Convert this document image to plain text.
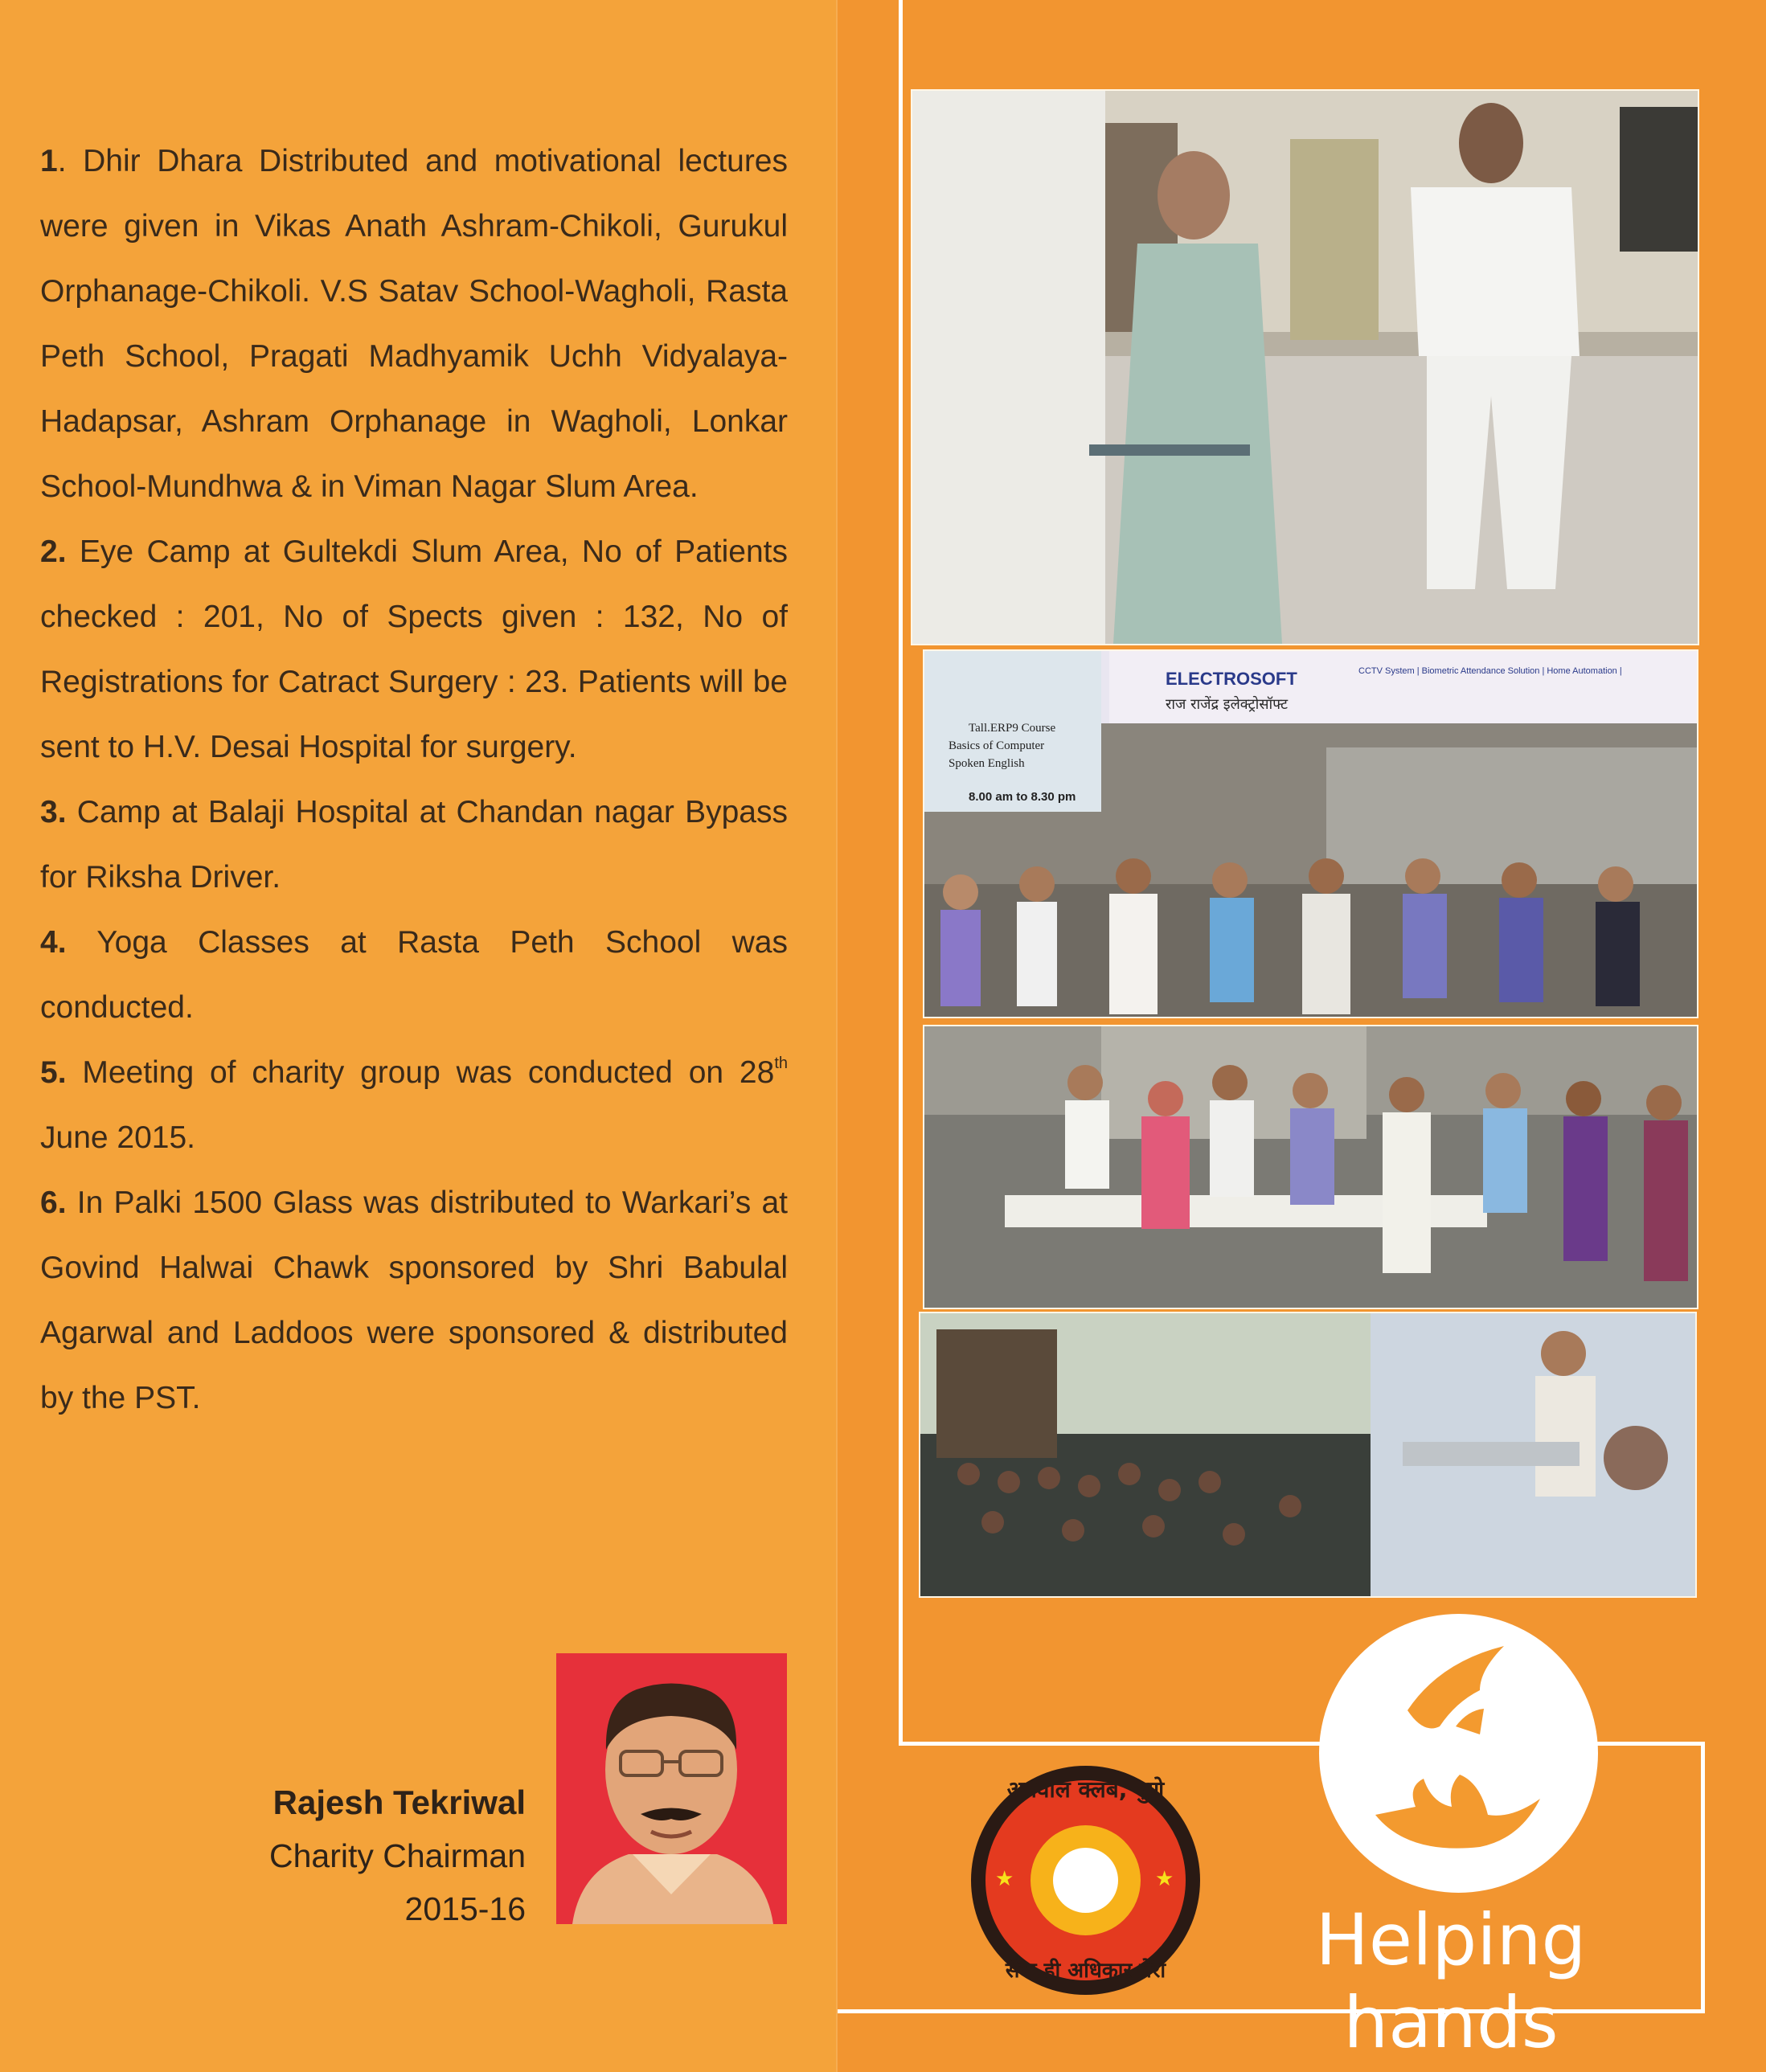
1. Dhir Dhara Distributed and motivational lectures were given in Vikas Anath Ashram-Chikoli, Gurukul Orphanage-Chikoli. V.S Satav School-Wagholi, Rasta Peth School, Pragati Madhyamik Uchh Vidyalaya-Hadapsar, Ashram Orphanage in Wagholi, Lonkar School-Mundhwa & in Viman Nagar Slum Area.

2. Eye Camp at Gultekdi Slum Area, No of Patients checked : 201, No of Spects given : 132, No of Registrations for Catract Surgery : 23. Patients will be sent to H.V. Desai Hospital for surgery.

3. Camp at Balaji Hospital at Chandan nagar Bypass for Riksha Driver.

4. Yoga Classes at Rasta Peth School was conducted.

5. Meeting of charity group was conducted on 28th June 2015.

6. In Palki 1500 Glass was distributed to Warkari’s at Govind Halwai Chawk sponsored by Shri Babulal Agarwal and Laddoos were sponsored & distributed by the PST.

Rajesh Tekriwal
Charity Chairman
2015-16
ELECTROSOFT
राज राजेंद्र इलेक्ट्रोसॉफ्ट
CCTV System | Biometric Attendance Solution | Home Automation |
Tall.ERP9 Course
Basics of Computer
Spoken English
8.00 am to 8.30 pm
अग्रवाल क्लब, पुणे
सेवा ही अधिकार मेरा
★	★
Helping hands
